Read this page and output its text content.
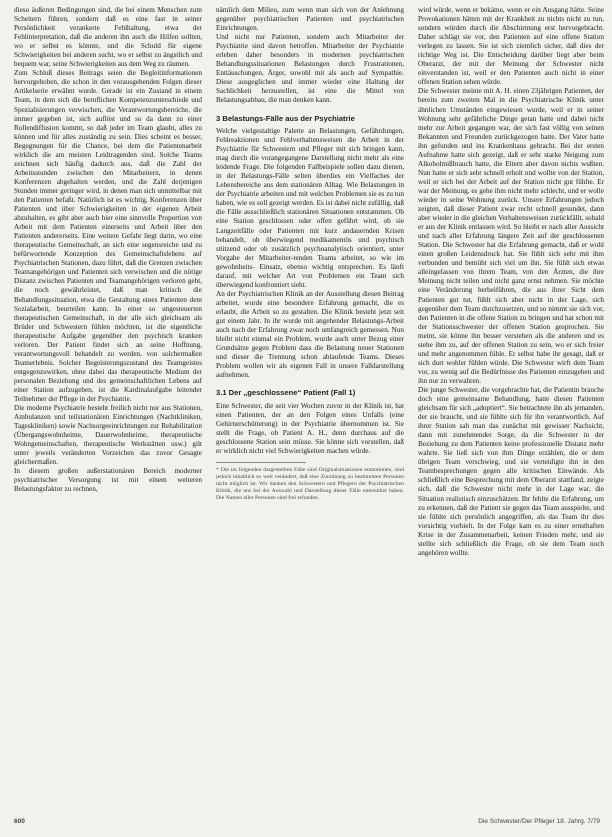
dieso äußeren Bedingungen sind, die bei einem Menschen zum Scheitern führen, sondern daß es eine fast in seiner Persönlichkeit verankerte Fehlhaltung, etwa der Fehlinterpretation, daß die anderen ihn auch die Hilfen sollten, wo er selbst es könnte, und die Schuld für eigene Schwierigkeiten bei anderen sucht, wo er selbst zu ängstlich und bequem war, seine Schwierigkeiten aus dem Weg zu räumen.

Zum Schluß dieses Beitrags seien die Begleitinformationen hervorgehoben, die schon in den vorausgehenden Folgen dieser Artikelserie erwähnt wurde. Gerade ist ein Zustand in einem Team, in dem sich die beruflichen Kompetenzunterschiede und Spezialisierungen verwischen, die Verantwortungsbereiche, die immer gegeben ist, sich auflöst und so da dann zu einer Rollendiffusion kommt, so daß jeder im Team glaubt, alles zu können und für alles zuständig zu sein. Dies scheint es besser, Begegnungen für die Chance, bei dem die Patientenarbeit wirklich die am meisten Leidtragenden sind. Solche Teams zeichnen sich häufig dadurch aus, daß die Zahl der Arbeitsstunden zwischen den Mitarbeitern, in denen Konferenzen abgehalten werden, und die Zahl derjenigen Stunden immer geringer wird, in denen man sich unmittelbar mit den Patienten befaßt. Natürlich ist es wichtig, Konferenzen über Patienten und über Schwierigkeiten in der eigenen Arbeit abzuhalten, es gibt aber auch hier eine sinnvolle Proportion von Arbeit mit dem Patienten einerseits und Arbeit über den Patienten andererseits. Eine weitere Gefahr liegt darin, wo eine therapeutische Gemeinschaft, an sich eine segensreiche und zu befürwortende Konzeption des Gemeinschaftslebens auf Psychiatrischen Stationen, dazu führt, daß die Grenzen zwischen Teamangehörigen und Patienten sich verwischen und die nötige Distanz zwischen Patienten und Teamangehörigen verloren geht, die noch gewährleistet, daß man kritisch die Behandlungssituation, etwa die Gestaltung eines Patienten dem Sozialarbeit, beurteilen kann. In einer so ungesteuerten therapeutischen Gemeinschaft, in der alle sich gleichsam als Brüder und Schwestern fühlen möchten, ist die eigentliche therapeutische Aufgabe gegenüber den psychisch kranken verloren. Der Patient findet sich an seine Hoffnung, verantwortungsvoll behandelt zu werden, von solchermaßen Teamerlebnis. Solcher Begeisterungszustand des Teamgeistes entgegenzuwirken, ohne dabei das therapeutische Medium der personalen Beziehung und des gemeinschaftlichen Lebens auf einer Station aufzugeben, ist die Kardinalaufgabe leitender Teilnehmer der Pflege in der Psychiatrie.

Die moderne Psychiatrie besteht freilich nicht nur aus Stationen, Ambulanzen und teilstationären Einrichtungen (Nachtkliniken, Tageskliniken) sowie Nachsorgeeinrichtungen zur Rehabilitation (Übergangswohnheime, Dauerwohnheime, therapeutische Wohngemeinschaften, therapeutische Werkstätten usw.) gilt unter jeweils veränderten Vorzeichen das zuvor Gesagte gleichermaßen.

In diesem großen außerstationären Bereich moderner psychiatrischer Versorgung ist mit einem weiteren Belastungsfaktor zu rechnen,

nämlich dem Milieu, zum wenn man sich von der Anlehnung gegenüber psychiatrischen Patienten und psychiatrischen Einrichtungen.

Und nicht nur Patienten, sondern auch Mitarbeiter der Psychiatrie sind davon betroffen. Mitarbeiter der Psychiatrie erleben daher besonders in modernen psychiatrischen Behandlungssituationen Belastungen durch Frustrationen, Enttäuschungen, Ärger, sowohl mit als auch auf Sympathie. Diese ausgeglichen und immer wieder eine Haltung der Sachlichkeit herzustellen, ist eine die Mittel von Belastungsabbau, die man denken kann.

3 Belastungs-Fälle aus der Psychiatrie

Welche vielgestaltige Palette an Belastungen, Gefährdungen, Fehlreaktionen und Fehlverhaltensweisen die Arbeit in der Psychiatrie für Schwestern und Pfleger mit sich bringen kann, mag durch die vorangegangene Darstellung nicht mehr als eine leidende Frage. Die folgenden Fallbeispiele sollen dazu dienen, in der Belastungs-Fälle selten überdies ein Vielfaches der Lebensbereiche aus dem stationären Alltag. Wie Belastungen in der Psychiatrie arbeiten und mit welchen Problemen sie es zu tun haben, wie es soll gezeigt werden. Es ist dabei nicht zufällig, daß die Fälle ausschließlich stationären Situationen entstammen. Ob eine Station geschlossen oder offen geführt wird, ob sie Langzeitfälle oder Patienten mit kurz andauernden Krisen behandelt, ob überwiegend medikamentös und psychisch stützend oder ob zusätzlich psychoanalytisch orientiert, unter Vorgabe der Mitarbeiter-tenden Teams arbeitet, so wie im gewohnheits- Einsatz, ebenso wichtig entsprechen. Es läuft darauf, mit welcher Art von Problemen ein Team sich überwiegend konfrontiert sieht.

An der Psychiatrischen Klinik an der Ausstellung diesen Beitrag arbeitet, wurde eine besondere Erfahrung gemacht, die es erlaubt, die Arbeit so zu gestalten. Die Klinik besteht jetzt seit gut einem Jahr. In ihr wurde mit angehender Belastungs-Arbeit auch nach der Erfahrung zwar noch umfangreich gemessen. Nun bleibt nicht einmal ein Problem, wurde auch unter Bezug einer Grundsätze gegen Problem dass die Belastung neuer Stationen und dieser die Trennung schon ablaufende Teams. Dieses Problem wollen wir als eigenen Fall in unsere Falldarstellung aufnehmen.

3.1 Der „geschlossene“ Patient (Fall 1)

Eine Schwester, die seit vier Wochen zuvor in der Klinik ist, hat einen Patienten, der an den Folgen eines Unfalls (eine Gehirnerschütterung) in der Psychiatrie übernommen ist. Sie stellt die Frage, ob Patient A. H., denn durchaus auf die geschlossene Station sein müsse. Sie könne sich vorstellen, daß er wirklich nicht viel Schwierigkeiten machen würde.

* Die im folgenden dargestellten Fälle sind Originalsituationen entnommen, sind jedoch inhaltlich so weit verändert, daß eine Zuordnung zu bestimmten Personen nicht möglich ist. Wir danken den Schwestern und Pflegern der Psychiatrischen Klinik, die uns bei der Auswahl und Darstellung dieser Fälle unterstützt haben. Die Namen aller Personen sind frei erfunden.

wird würde, wenn er bekäme, wenn er ein Ausgang hätte. Seine Provokationen hätten mit der Krankheit zu nichts nicht zu tun, sondern würden durch die Abschirmung erst hervorgebracht. Daher schlägt sie vor, den Patienten auf eine offene Station verlegen zu lassen. Sie ist sich ziemlich sicher, daß dies der richtige Weg ist. Die Entscheidung darüber liegt aber beim Oberarzt, der mit der Meinung der Schwester nicht einverstanden ist, weil er den Patienten auch nicht in einer offenen Station sehen würde.

Die Schwester meinte mit A. H. einen 23jährigen Patienten, der bereits zum zweiten Mal in die Psychiatrische Klinik unter ähnlichen Umständen eingewiesen wurde, weil er in seiner Wohnung sehr gefährliche Dinge getan hatte und dabei nicht mehr zur Arbeit gegangen war, der sich fast völlig von seinen Bekannten und Freunden zurückgezogen hatte. Der Vater hatte ihn gefunden und ins Krankenhaus gebracht. Bei der ersten Aufnahme hatte sich gezeigt, daß er sehr starke Neigung zum Alkoholmißbrauch hatte, die Eltern aber davon nichts wußten. Nun hatte er sich sehr schnell erholt und wollte von der Station, weil er sich bei der Arbeit auf der Station nicht gut fühlte. Er war der Meinung, es gehe ihm nicht mehr schlecht, und er wolle wieder in seine Wohnung zurück. Unsere Erfahrungen jedoch zeigten, daß dieser Patient zwar recht schnell gesundet, dann aber wieder in die gleichen Verhaltensweisen zurückfällt, sobald er aus der Klinik entlassen wird. So bleibt er nach aller Aussicht und nach aller Erfahrung längere Zeit auf der geschlossenen Station. Die Schwester hat die Erfahrung gemacht, daß er wohl einen großen Leidensdruck hat. Sie fühlt sich sehr mit ihm verbunden und bemüht sich viel um ihn. Sie fühlt sich etwas alleingelassen von ihrem Team, von den Ärzten, die ihre Meinung nicht teilen und nicht ganz ernst nehmen. Sie möchte eine Veränderung herbeiführen, die aus ihrer Sicht dem Patienten gut tut, fühlt sich aber nicht in der Lage, sich gegenüber dem Team durchzusetzen, und so nimmt sie sich vor, den Patienten in die offene Station zu bringen und hat schon mit der Stationsschwester der offenen Station gesprochen. Sie meint, sie könne ihn besser verstehen als die anderen und es stehe ihm zu, auf der offenen Station zu sein, wo er sich freier und mehr angenommen fühle. Er selbst habe ihr gesagt, daß er sich dort wohler fühlen würde. Die Schwester wirft dem Team vor, zu wenig auf die Bedürfnisse des Patienten einzugehen und ihn nur zu verwahren.

Die junge Schwester, die vorgebrachte hat, die Patientin brauche doch eine gemeinsame Behandlung, hatte diesen Patienten gleichsam für sich „adoptiert“. Sie betrachtete ihn als jemanden, der sie braucht, und sie fühlte sich für ihn verantwortlich. Auf ihrer Station sah man das zunächst mit gewisser Nachsicht, dann mit zunehmender Sorge, da die Schwester in der Beziehung zu dem Patienten keine professionelle Distanz mehr wahrte. Sie ließ sich von ihm Dinge erzählen, die er dem übrigen Team verschwieg, und sie verteidigte ihn in den Teambesprechungen gegen alle kritischen Einwände. Als schließlich eine Besprechung mit dem Oberarzt stattfand, zeigte sich, daß die Schwester nicht mehr in der Lage war, die Situation realistisch einzuschätzen. Ihr fehlte die Erfahrung, um zu erkennen, daß der Patient sie gegen das Team ausspielte, und sie fühlte sich persönlich angegriffen, als das Team ihr dies vorsichtig vorhielt. In der Folge kam es zu einer ernsthaften Krise in der Zusammenarbeit, keinen Frieden mehr, und sie stellte sich schließlich die Frage, ob sie dem Team noch angehören wollte.

600	Die Schwester/Der Pfleger 18. Jahrg. 7/79
